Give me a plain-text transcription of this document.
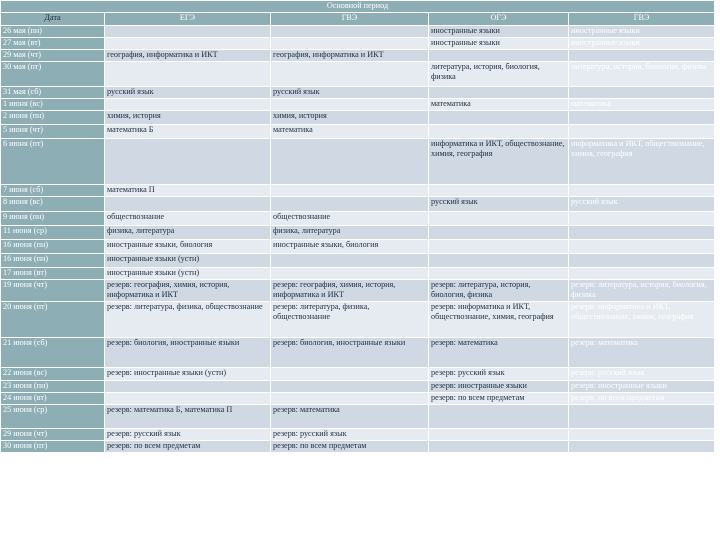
Основной период				
Дата	ЕГЭ	ГВЭ	ОГЭ	ГВЭ
26 мая (пн)			иностранные языки	иностранные языки
27 мая (вт)			иностранные языки	иностранные языки
29 мая (чт)	география, информатика и ИКТ	география, информатика и ИКТ		
30 мая (пт)			литература, история, биология, физика	литература, история, биология, физика
31 мая (сб)	русский язык	русский язык		
1 июня (вс)			математика	математика
2 июня (пн)	химия, история	химия, история		
5 июня (чт)	математика Б	математика		
6 июня (пт)			информатика и ИКТ, обществознание, химия, география	информатика и ИКТ, обществознание, химия, география
7 июня (сб)	математика П			
8 июня (вс)			русский язык	русский язык
9 июня (пн)	обществознание	обществознание		
11 июня (ср)	физика, литература	физика, литература		
16 июня (пн)	иностранные языки, биология	иностранные языки, биология		
16 июня (пн)	иностранные языки (устн)			
17 июня (вт)	иностранные языки (устн)			
19 июня (чт)	резерв: география, химия, история, информатика и ИКТ	резерв: география, химия, история, информатика и ИКТ	резерв: литература, история, биология, физика	резерв: литература, история, биология, физика
20 июня (пт)	резерв: литература, физика, обществознание	резерв: литература, физика, обществознание	резерв: информатика и ИКТ, обществознание, химия, география	резерв: информатика и ИКТ, обществознание, химия, география
21 июня (сб)	резерв: биология, иностранные языки	резерв: биология, иностранные языки	резерв: математика	резерв: математика
22 июня (вс)	резерв: иностранные языки (устн)		резерв: русский язык	резерв: русский язык
23 июня (пн)			резерв: иностранные языки	резерв: иностранные языки
24 июня (вт)			резерв: по всем предметам	резерв: по всем предметам
25 июня (ср)	резерв: математика Б, математика П	резерв: математика		
29 июня (чт)	резерв: русский язык	резерв: русский язык		
30 июня (пт)	резерв: по всем предметам	резерв: по всем предметам		
